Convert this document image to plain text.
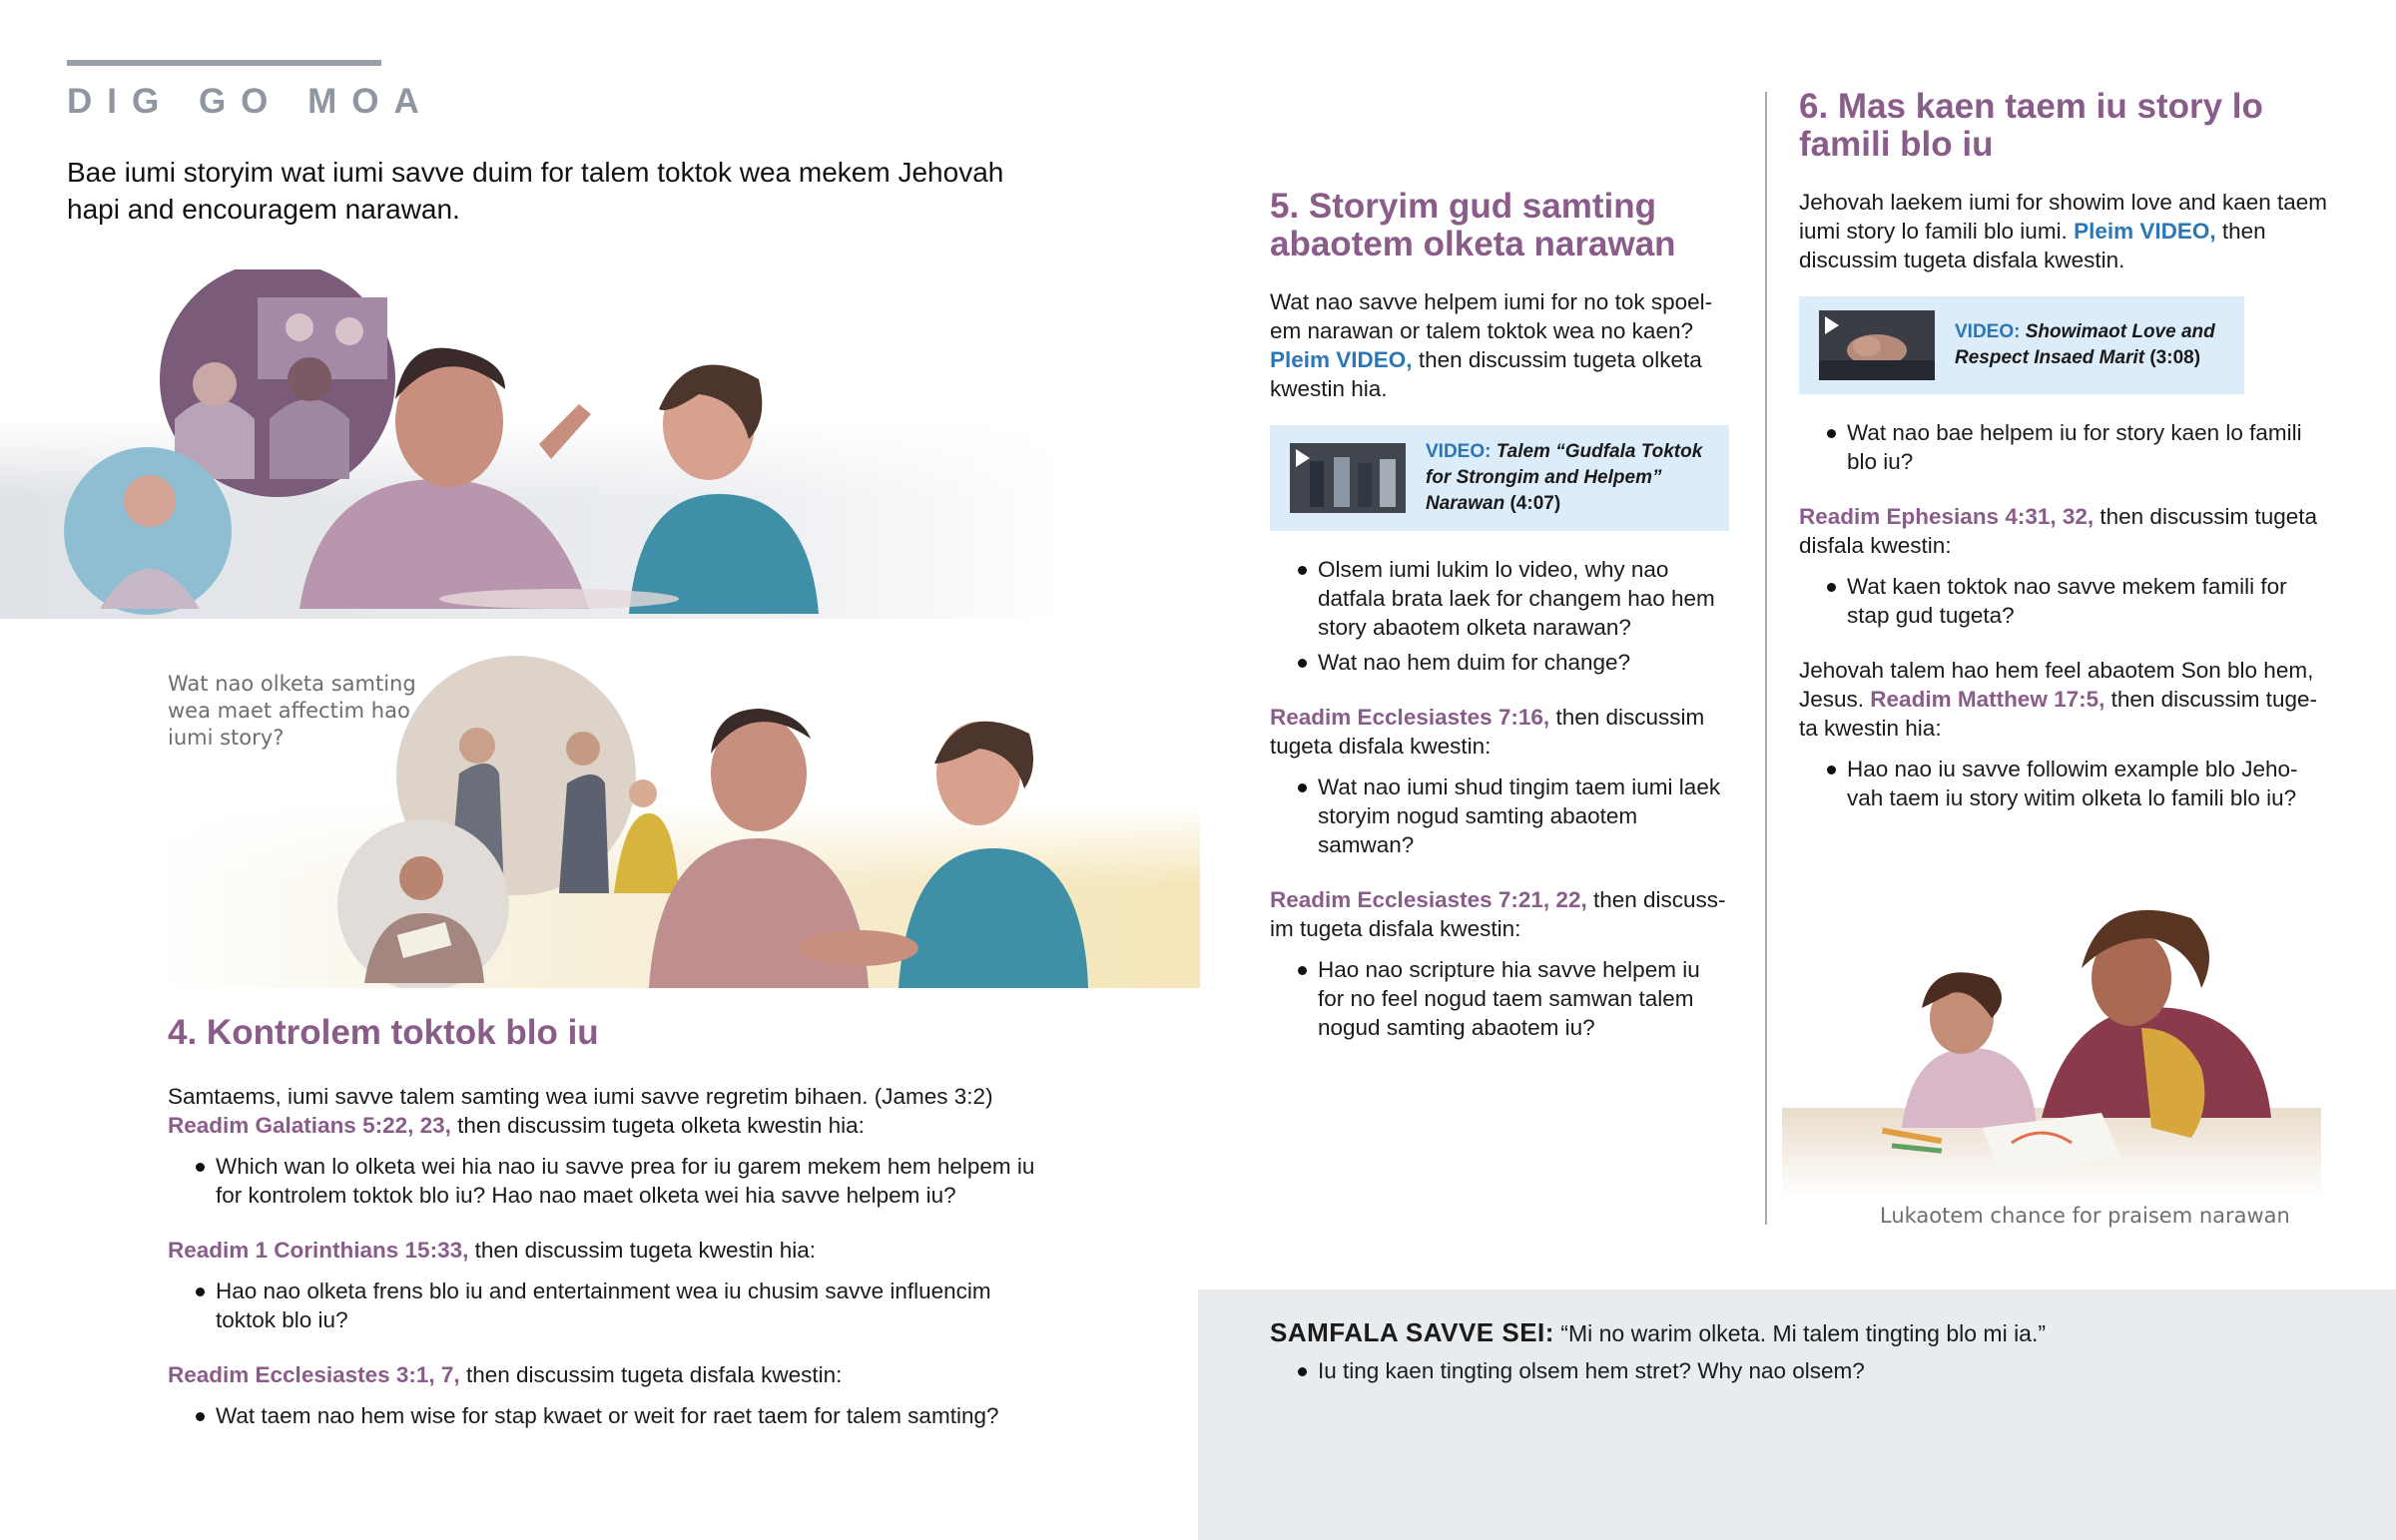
DIG GO MOA
Bae iumi storyim wat iumi savve duim for talem toktok wea mekem Jehovah hapi and encouragem narawan.
Wat nao olketa samting wea maet affectim hao iumi story?
4. Kontrolem toktok blo iu
Samtaems, iumi savve talem samting wea iumi savve regretim bihaen. (James 3:2)
Readim Galatians 5:22, 23, then discussim tugeta olketa kwestin hia:
Which wan lo olketa wei hia nao iu savve prea for iu garem mekem hem helpem iu for kontrolem toktok blo iu? Hao nao maet olketa wei hia savve helpem iu?
Readim 1 Corinthians 15:33, then discussim tugeta kwestin hia:
Hao nao olketa frens blo iu and entertainment wea iu chusim savve influencim toktok blo iu?
Readim Ecclesiastes 3:1, 7, then discussim tugeta disfala kwestin:
Wat taem nao hem wise for stap kwaet or weit for raet taem for talem samting?
5. Storyim gud samting abaotem olketa narawan
Wat nao savve helpem iumi for no tok spoel-em narawan or talem toktok wea no kaen? Pleim VIDEO, then discussim tugeta olketa kwestin hia.
VIDEO: Talem “Gudfala Toktok for Strongim and Helpem” Narawan (4:07)
Olsem iumi lukim lo video, why nao datfala brata laek for changem hao hem story abaotem olketa narawan?
Wat nao hem duim for change?
Readim Ecclesiastes 7:16, then discussim tugeta disfala kwestin:
Wat nao iumi shud tingim taem iumi laek storyim nogud samting abaotem samwan?
Readim Ecclesiastes 7:21, 22, then discuss-im tugeta disfala kwestin:
Hao nao scripture hia savve helpem iu for no feel nogud taem samwan talem nogud samting abaotem iu?
6. Mas kaen taem iu story lo famili blo iu
Jehovah laekem iumi for showim love and kaen taem iumi story lo famili blo iumi. Pleim VIDEO, then discussim tugeta disfala kwestin.
VIDEO: Showimaot Love and Respect Insaed Marit (3:08)
Wat nao bae helpem iu for story kaen lo famili blo iu?
Readim Ephesians 4:31, 32, then discussim tugeta disfala kwestin:
Wat kaen toktok nao savve mekem famili for stap gud tugeta?
Jehovah talem hao hem feel abaotem Son blo hem, Jesus. Readim Matthew 17:5, then discussim tuge-ta kwestin hia:
Hao nao iu savve followim example blo Jeho-vah taem iu story witim olketa lo famili blo iu?
Lukaotem chance for praisem narawan
SAMFALA SAVVE SEI: “Mi no warim olketa. Mi talem tingting blo mi ia.”
Iu ting kaen tingting olsem hem stret? Why nao olsem?
